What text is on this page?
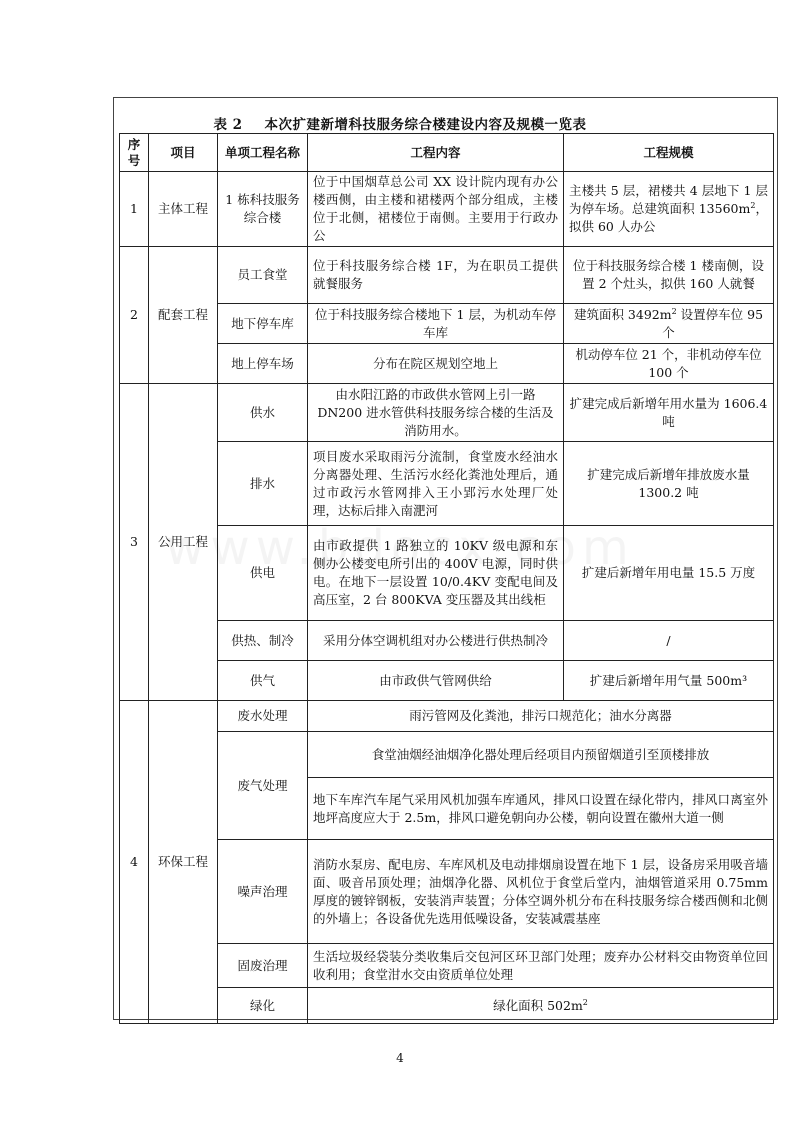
表 2 本次扩建新增科技服务综合楼建设内容及规模一览表
序号	项目	单项工程名称	工程内容	工程规模
1	主体工程	1 栋科技服务综合楼	位于中国烟草总公司 XX 设计院内现有办公楼西侧，由主楼和裙楼两个部分组成，主楼位于北侧，裙楼位于南侧。主要用于行政办公	主楼共 5 层，裙楼共 4 层地下 1 层为停车场。总建筑面积 $13560m^2$，拟供 60 人办公
2	配套工程	员工食堂	位于科技服务综合楼 1F，为在职员工提供就餐服务	位于科技服务综合楼 1 楼南侧，设置 2 个灶头，拟供 160 人就餐
		地下停车库	位于科技服务综合楼地下 1 层，为机动车停车库	建筑面积 $3492m^2$ 设置停车位 95 个
		地上停车场	分布在院区规划空地上	机动停车位 21 个，非机动停车位 100 个
3	公用工程	供水	由水阳江路的市政供水管网上引一路 DN200 进水管供科技服务综合楼的生活及消防用水。	扩建完成后新增年用水量为 1606.4 吨
		排水	项目废水采取雨污分流制，食堂废水经油水分离器处理、生活污水经化粪池处理后，通过市政污水管网排入王小郢污水处理厂处理，达标后排入南淝河	扩建完成后新增年排放废水量 1300.2 吨
		供电	由市政提供 1 路独立的 10KV 级电源和东侧办公楼变电所引出的 400V 电源，同时供电。在地下一层设置 10/0.4KV 变配电间及高压室，2 台 800KVA 变压器及其出线柜	扩建后新增年用电量 15.5 万度
		供热、制冷	采用分体空调机组对办公楼进行供热制冷	/
		供气	由市政供气管网供给	扩建后新增年用气量 500m³
4	环保工程	废水处理	雨污管网及化粪池，排污口规范化；油水分离器	
		废气处理	食堂油烟经油烟净化器处理后经项目内预留烟道引至顶楼排放	
			地下车库汽车尾气采用风机加强车库通风，排风口设置在绿化带内，排风口离室外地坪高度应大于 2.5m，排风口避免朝向办公楼，朝向设置在徽州大道一侧	
		噪声治理	消防水泵房、配电房、车库风机及电动排烟扇设置在地下 1 层，设备房采用吸音墙面、吸音吊顶处理；油烟净化器、风机位于食堂后堂内，油烟管道采用 0.75mm 厚度的镀锌钢板，安装消声装置；分体空调外机分布在科技服务综合楼西侧和北侧的外墙上；各设备优先选用低噪设备，安装减震基座	
		固废治理	生活垃圾经袋装分类收集后交包河区环卫部门处理；废弃办公材料交由物资单位回收利用；食堂泔水交由资质单位处理	
		绿化	绿化面积 $502m^2$
4
